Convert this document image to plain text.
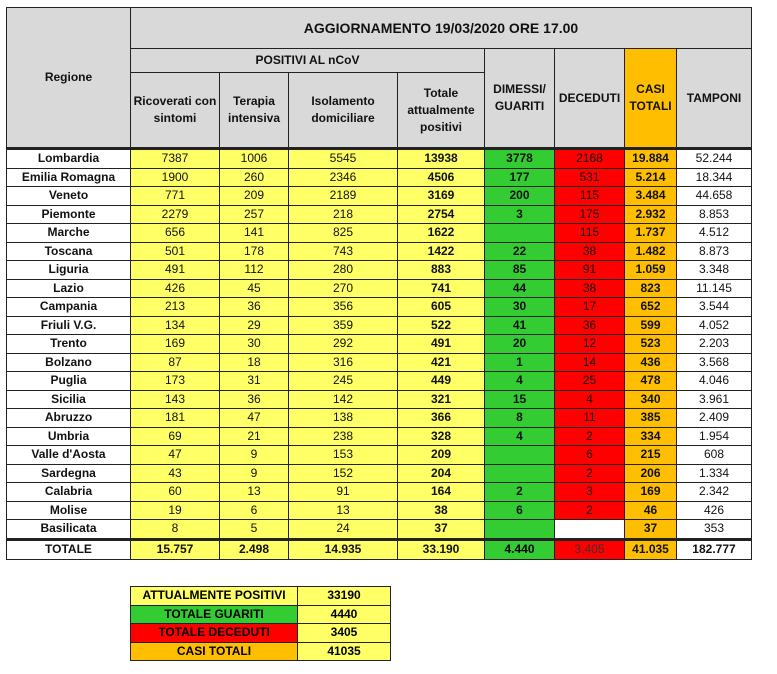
Regione	AGGIORNAMENTO 19/03/2020 ORE 17.00							
	POSITIVI AL nCoV				DIMESSI/ GUARITI	DECEDUTI	CASI TOTALI	TAMPONI
	Ricoverati con sintomi	Terapia intensiva	Isolamento domiciliare	Totale attualmente positivi				
Lombardia	7387	1006	5545	13938	3778	2168	19.884	52.244
Emilia Romagna	1900	260	2346	4506	177	531	5.214	18.344
Veneto	771	209	2189	3169	200	115	3.484	44.658
Piemonte	2279	257	218	2754	3	175	2.932	8.853
Marche	656	141	825	1622		115	1.737	4.512
Toscana	501	178	743	1422	22	38	1.482	8.873
Liguria	491	112	280	883	85	91	1.059	3.348
Lazio	426	45	270	741	44	38	823	11.145
Campania	213	36	356	605	30	17	652	3.544
Friuli V.G.	134	29	359	522	41	36	599	4.052
Trento	169	30	292	491	20	12	523	2.203
Bolzano	87	18	316	421	1	14	436	3.568
Puglia	173	31	245	449	4	25	478	4.046
Sicilia	143	36	142	321	15	4	340	3.961
Abruzzo	181	47	138	366	8	11	385	2.409
Umbria	69	21	238	328	4	2	334	1.954
Valle d'Aosta	47	9	153	209		6	215	608
Sardegna	43	9	152	204		2	206	1.334
Calabria	60	13	91	164	2	3	169	2.342
Molise	19	6	13	38	6	2	46	426
Basilicata	8	5	24	37			37	353
TOTALE	15.757	2.498	14.935	33.190	4.440	3.405	41.035	182.777
ATTUALMENTE POSITIVI	33190
TOTALE GUARITI	4440
TOTALE DECEDUTI	3405
CASI TOTALI	41035
